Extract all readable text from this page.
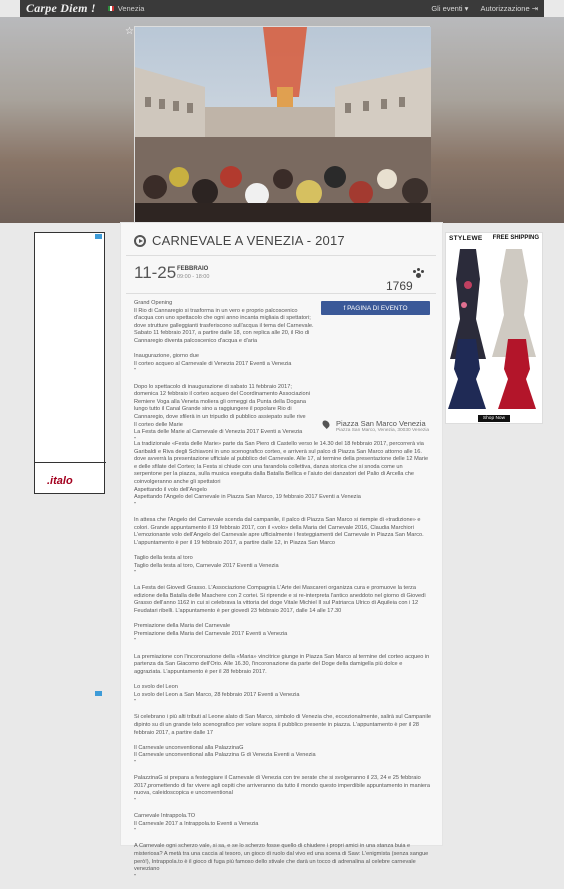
Carpe Diem !	Venezia	Gli eventi ▾ Autorizzazione ⇥
☆
.italo
CARNEVALE A VENEZIA - 2017
11-25 FEBBRAIO
09:00 - 18:00
1769
f PAGINA DI EVENTO
Piazza San Marco Venezia
Piazza San Marco, Venezia, 30030 Venezia

Grand Opening
Il Rio di Cannaregio si trasforma in un vero e proprio palcoscenico d'acqua con uno spettacolo che ogni anno incanta migliaia di spettatori; dove strutture galleggianti trasferiscono sull'acqua il tema del Carnevale. Sabato 11 febbraio 2017, a partire dalle 18, con replica alle 20, il Rio di Cannaregio diventa palcoscenico d'acqua e d'aria

Inaugurazione, giorno due
Il corteo acqueo al Carnevale di Venezia 2017 Eventi a Venezia
"

Dopo lo spettacolo di inaugurazione di sabato 11 febbraio 2017; domenica 12 febbraio il corteo acqueo del Coordinamento Associazioni Remiere Voga alla Veneta moliera gli ormeggi da Punta della Dogana lungo tutto il Canal Grande sino a raggiungere il popolare Rio di Cannaregio, dove sfilerà in un tripudio di pubblico assiepato sulle rive
Il corteo delle Marie
La Festa delle Marie al Carnevale di Venezia 2017 Eventi a Venezia
"

La tradizionale «Festa delle Marie» parte da San Piero di Castello verso le 14.30 del 18 febbraio 2017, percorrerà via Garibaldi e Riva degli Schiavoni in uno scenografico corteo, e arriverà sul palco di Piazza San Marco attorno alle 16. dove avverrà la presentazione ufficiale al pubblico del Carnevale. Alle 17, al termine della presentazione delle 12 Marie e delle sfilate del Corteo; la Festa si chiude con una farandola collettiva, danza storica che si snoda come un serpentone per la piazza, sulla musica eseguita dalla Batalla Bellica e l'aiuto dei danzatori del Palio di Arcella che coinvolgeranno anche gli spettatori
Aspettando il volo dell'Angelo
Aspettando l'Angelo del Carnevale in Piazza San Marco, 19 febbraio 2017 Eventi a Venezia
"

In attesa che l'Angelo del Carnevale scenda dal campanile, il palco di Piazza San Marco si riempie di «tradizione» e colori. Grande appuntamento il 19 febbraio 2017, con il «volo» della Maria del Carnevale 2016, Claudia Marchiori L'emozionante volo dell'Angelo del Carnevale apre ufficialmente i festeggiamenti del Carnevale in Piazza San Marco. L'appuntamento è per il 19 febbraio 2017, a partire dalle 12, in Piazza San Marco

Taglio della testa al toro
Taglio della testa al toro, Carnevale 2017 Eventi a Venezia
"

La Festa dei Giovedì Grasso. L'Associazione Compagnia L'Arte dei Mascareri organizza cura e promuove la terza edizione della Batalla delle Maschere con 2 cortei. Si riprende e si re-interpreta l'antico aneddoto nel giorno di Giovedì Grasso dell'anno 1162 in cui si celebrava la vittoria del doge Vitale Michiel II sul Patriarca Ulrico di Aquileia con i 12 Feudatari ribelli. L'appuntamento è per giovedì 23 febbraio 2017, dalle 14 alle 17.30

Premiazione della Maria del Carnevale
Premiazione della Maria del Carnevale 2017 Eventi a Venezia
"

La premiazione con l'incoronazione della «Maria» vincitrice giunge in Piazza San Marco al termine del corteo acqueo in partenza da San Giacomo dell'Orio. Alle 16.30, l'incoronazione da parte del Doge della damigella più dolce e aggraziata. L'appuntamento è per il 28 febbraio 2017.

Lo svolo del Leon
Lo svolo del Leon a San Marco, 28 febbraio 2017 Eventi a Venezia
"

Si celebrano i più alti tributi al Leone alato di San Marco, simbolo di Venezia che, eccezionalmente, salirà sul Campanile dipinto su di un grande telo scenografico per volare sopra il pubblico presente in piazza. L'appuntamento è per il 28 febbraio 2017, a partire dalle 17

Il Carnevale unconventional alla PalazzinaG
Il Carnevale unconventional alla Palazzina G di Venezia Eventi a Venezia
"

PalazzinaG si prepara a festeggiare il Carnevale di Venezia con tre serate che si svolgeranno il 23, 24 e 25 febbraio 2017,promettendo di far vivere agli ospiti che arriveranno da tutto il mondo questo imperdibile appuntamento in maniera nuova, caleidoscopica e unconventional
"

Carnevale Intrappola.TO
Il Carnevale 2017 a Intrappola.to Eventi a Venezia
"

A Carnevale ogni scherzo vale, si sa, e se lo scherzo fosse quello di chiudere i propri amici in una stanza buia e misteriosa? A metà tra una caccia al tesoro, un gioco di ruolo dal vivo ed una scena di Saw: L'enigmista (senza sangue però!), Intrappola.to è il gioco di fuga più famoso dello stivale che darà un tocco di adrenalina al celebre carnevale veneziano
"

STYLEWE FREE SHIPPING
Shop Now
